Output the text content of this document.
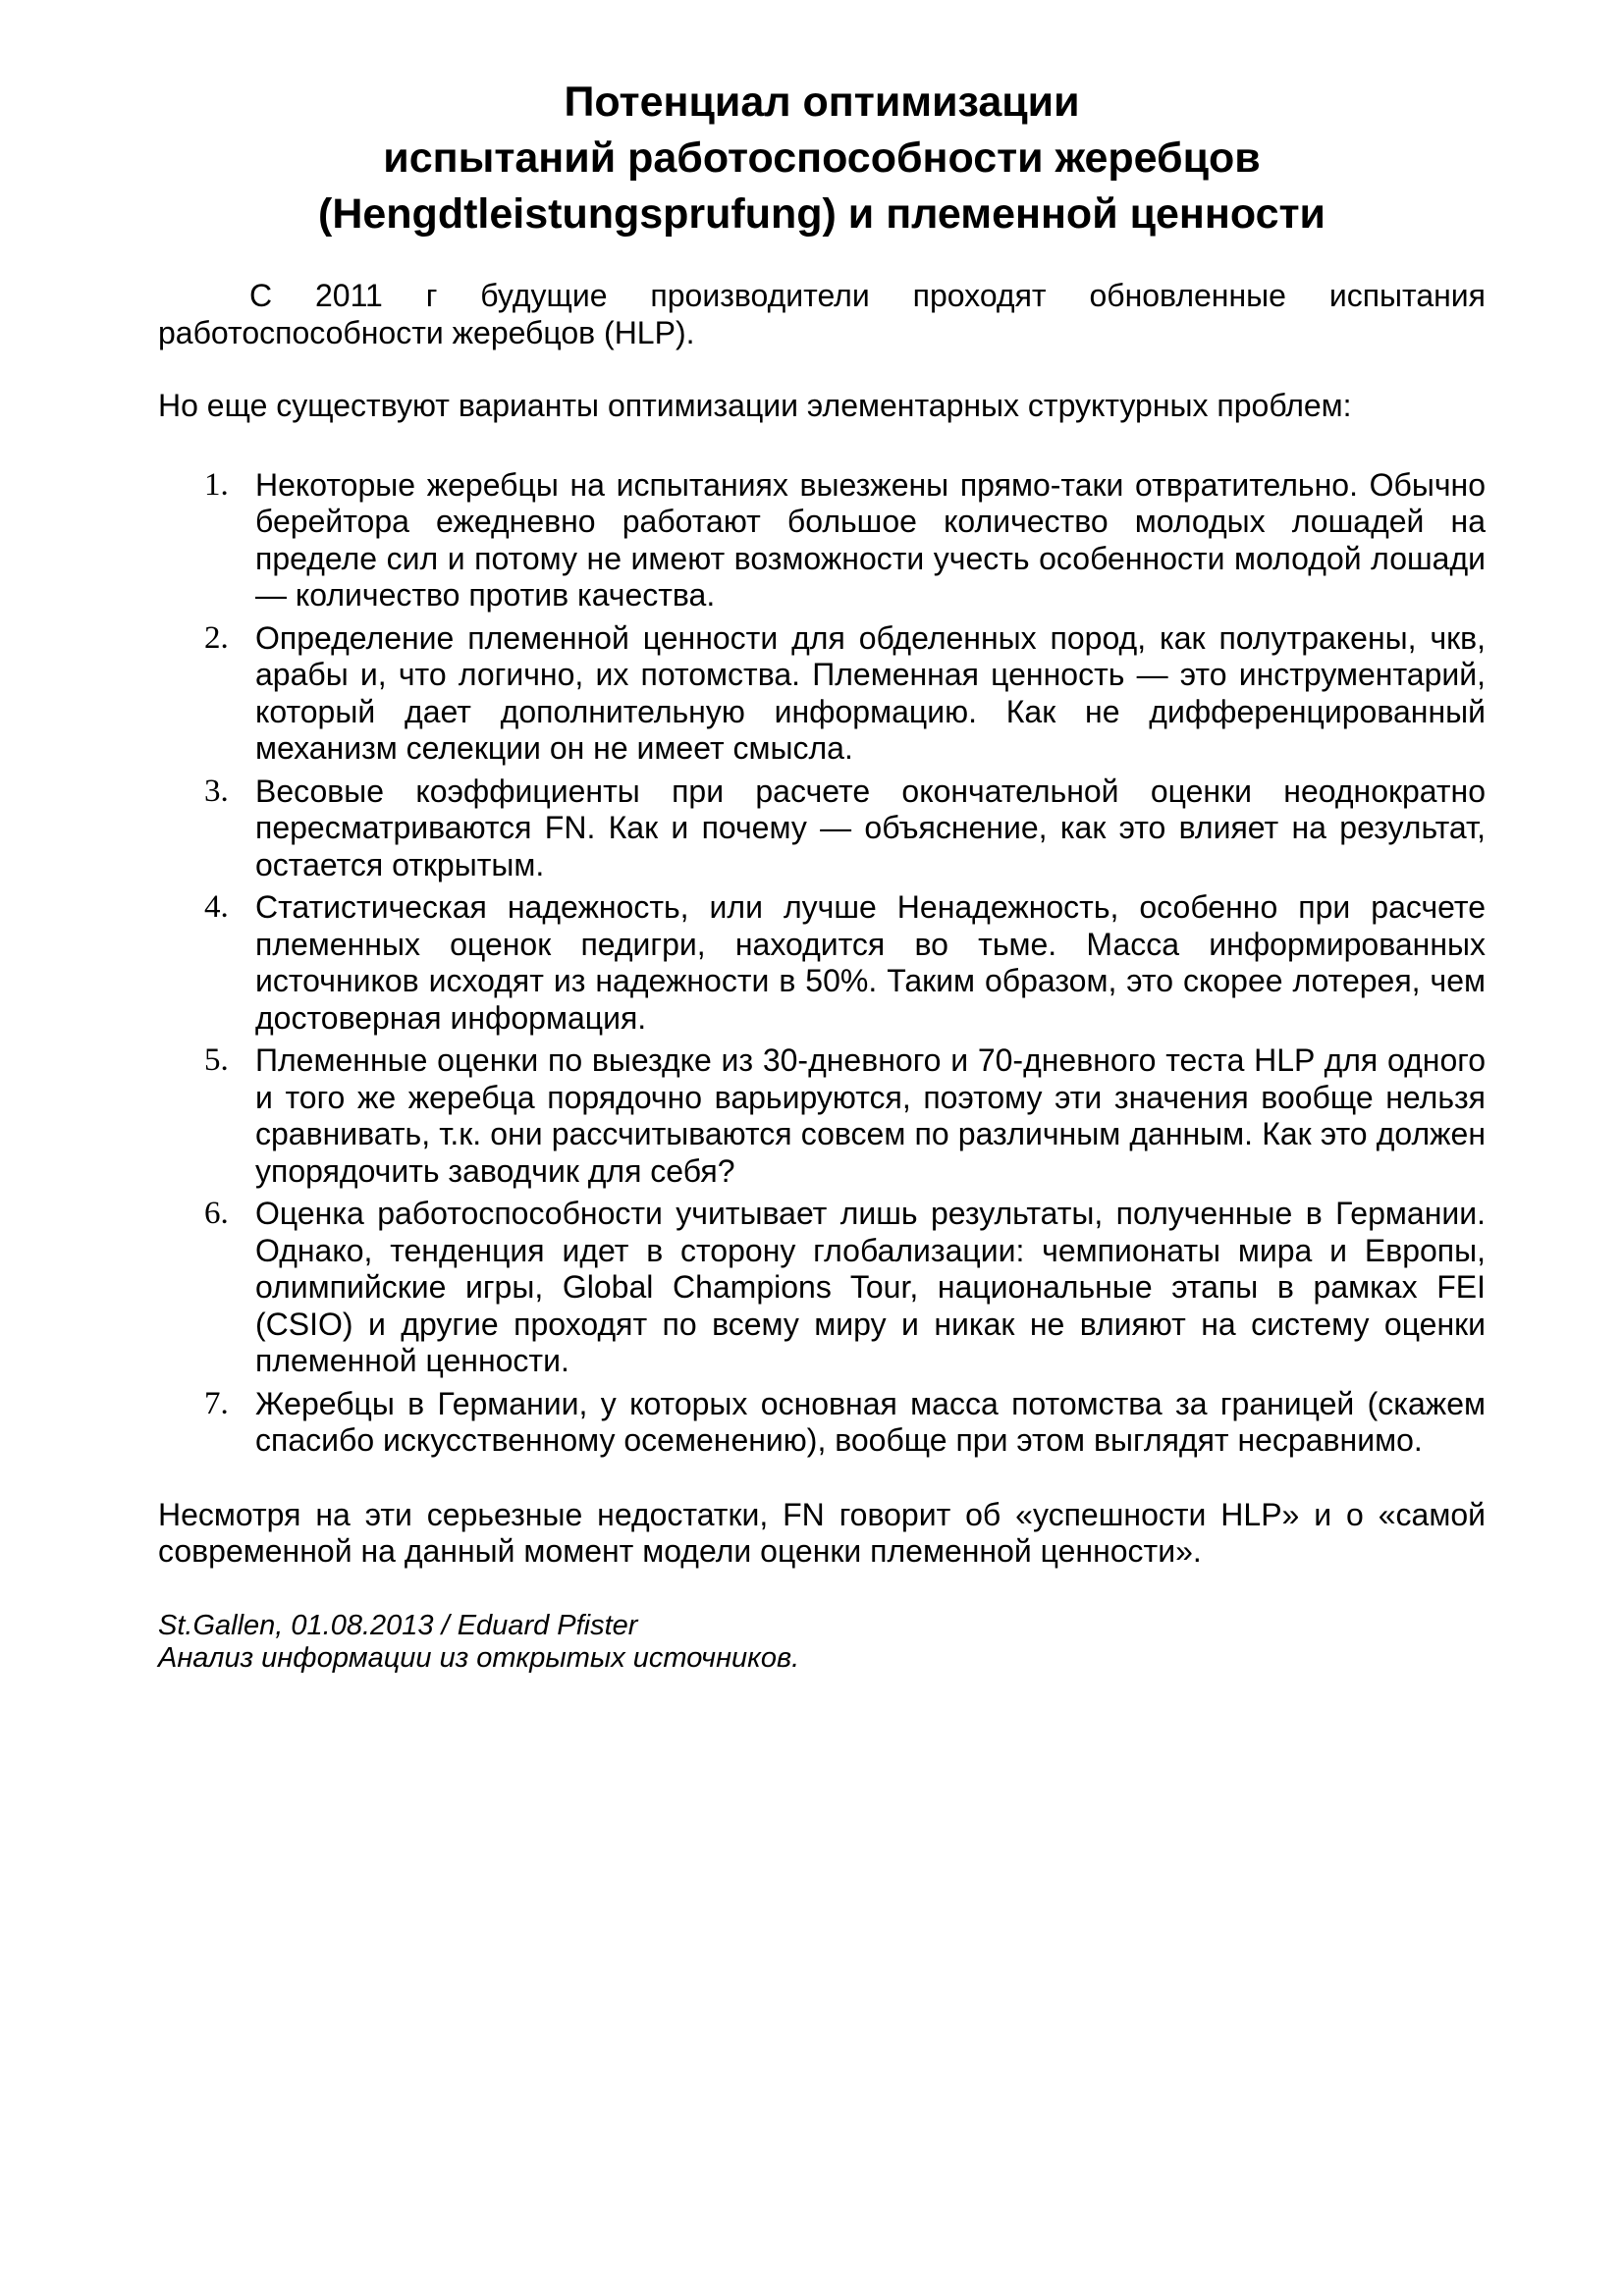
Потенциал оптимизации
испытаний работоспособности жеребцов
(Hengdtleistungsprufung) и племенной ценности

С 2011 г будущие производители проходят обновленные испытания работоспособности жеребцов (HLP).

Но еще существуют варианты оптимизации элементарных структурных проблем:

1. Некоторые жеребцы на испытаниях выезжены прямо-таки отвратительно. Обычно берейтора ежедневно работают большое количество молодых лошадей на пределе сил и потому не имеют возможности учесть особенности молодой лошади — количество против качества.
2. Определение племенной ценности для обделенных пород, как полутракены, чкв, арабы и, что логично, их потомства. Племенная ценность — это инструментарий, который дает дополнительную информацию. Как не дифференцированный механизм селекции он не имеет смысла.
3. Весовые коэффициенты при расчете окончательной оценки неоднократно пересматриваются FN. Как и почему — объяснение, как это влияет на результат, остается открытым.
4. Статистическая надежность, или лучше Ненадежность, особенно при расчете племенных оценок педигри, находится во тьме. Масса информированных источников исходят из надежности в 50%. Таким образом, это скорее лотерея, чем достоверная информация.
5. Племенные оценки по выездке из 30-дневного и 70-дневного теста HLP для одного и того же жеребца порядочно варьируются, поэтому эти значения вообще нельзя сравнивать, т.к. они рассчитываются совсем по различным данным. Как это должен упорядочить заводчик для себя?
6. Оценка работоспособности учитывает лишь результаты, полученные в Германии. Однако, тенденция идет в сторону глобализации: чемпионаты мира и Европы, олимпийские игры, Global Champions Tour, национальные этапы в рамках FEI (CSIO) и другие проходят по всему миру и никак не влияют на систему оценки племенной ценности.
7. Жеребцы в Германии, у которых основная масса потомства за границей (скажем спасибо искусственному осеменению), вообще при этом выглядят несравнимо.

Несмотря на эти серьезные недостатки, FN говорит об «успешности HLP» и о «самой современной на данный момент модели оценки племенной ценности».

St.Gallen, 01.08.2013 / Eduard Pfister
Анализ информации из открытых источников.
